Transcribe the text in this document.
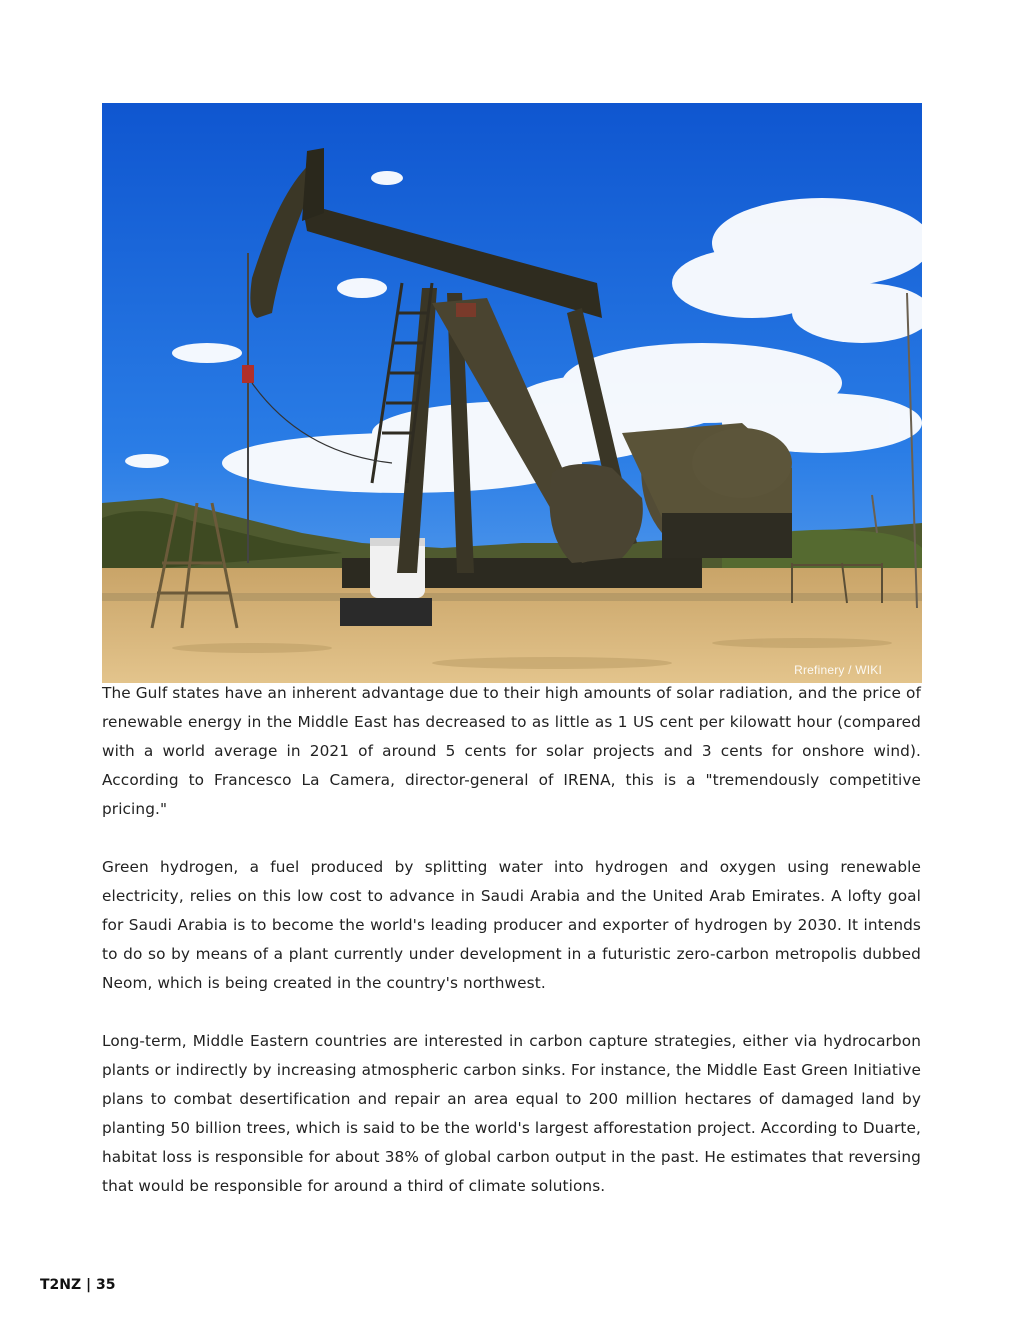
Rrefinery / WIKI

The Gulf states have an inherent advantage due to their high amounts of solar radiation, and the price of renewable energy in the Middle East has decreased to as little as 1 US cent per kilowatt hour (compared with a world average in 2021 of around 5 cents for solar projects and 3 cents for onshore wind). According to Francesco La Camera, director-general of IRENA, this is a "tremendously competitive pricing."

Green hydrogen, a fuel produced by splitting water into hydrogen and oxygen using renewable electricity, relies on this low cost to advance in Saudi Arabia and the United Arab Emirates. A lofty goal for Saudi Arabia is to become the world's leading producer and exporter of hydrogen by 2030. It intends to do so by means of a plant currently under development in a futuristic zero-carbon metropolis dubbed Neom, which is being created in the country's northwest.

Long-term, Middle Eastern countries are interested in carbon capture strategies, either via hydrocarbon plants or indirectly by increasing atmospheric carbon sinks. For instance, the Middle East Green Initiative plans to combat desertification and repair an area equal to 200 million hectares of damaged land by planting 50 billion trees, which is said to be the world's largest afforestation project. According to Duarte, habitat loss is responsible for about 38% of global carbon output in the past. He estimates that reversing that would be responsible for around a third of climate solutions.

T2NZ | 35
